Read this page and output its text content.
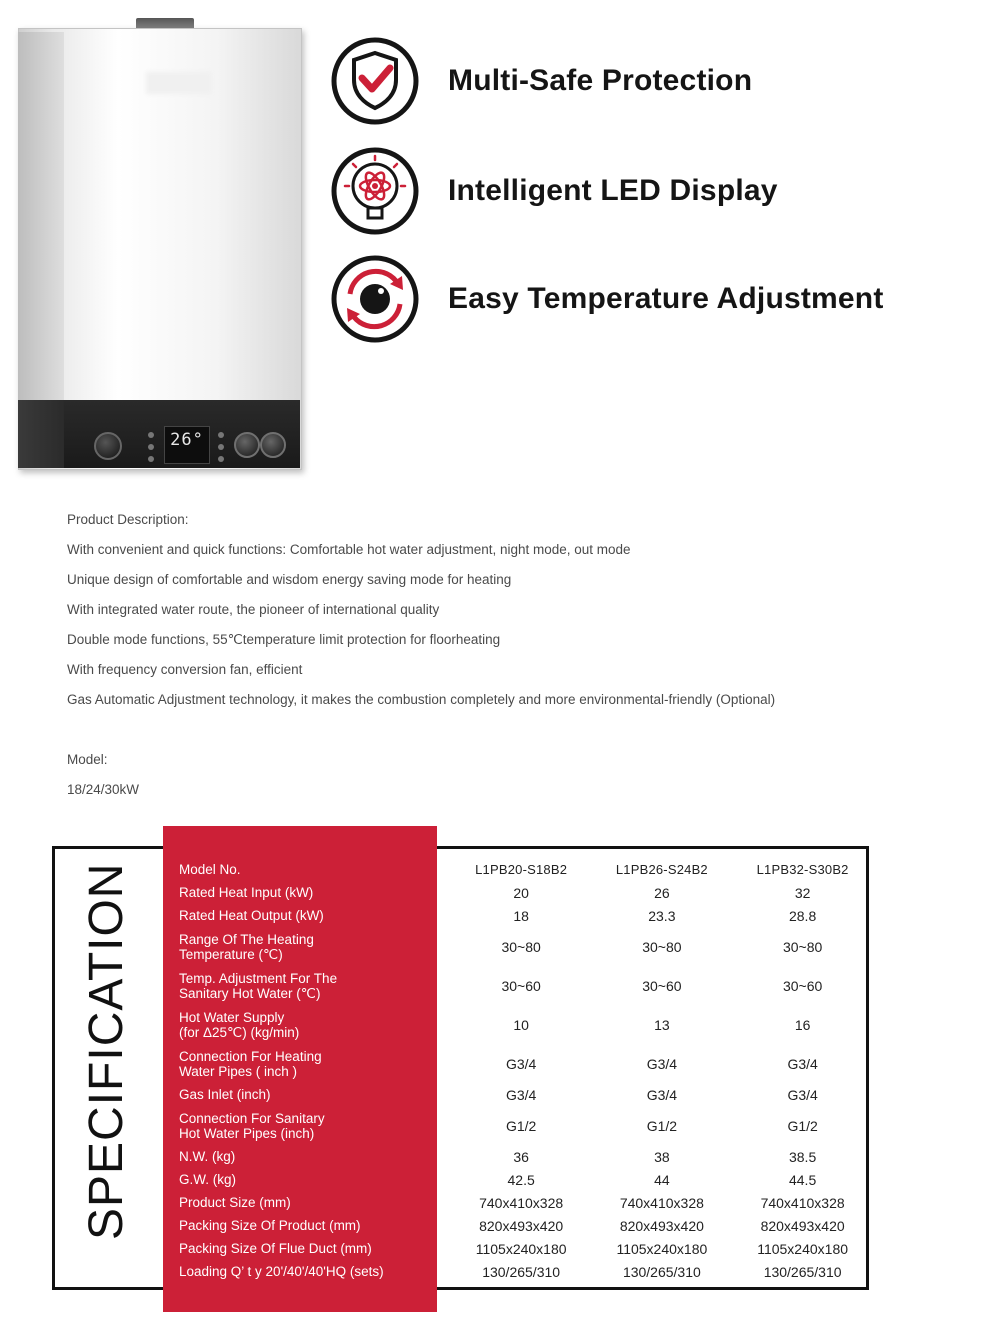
26°
Multi-Safe Protection
Intelligent LED Display
Easy Temperature Adjustment
Product Description:
With convenient and quick functions: Comfortable hot water adjustment, night mode, out mode
Unique design of comfortable and wisdom energy saving mode for heating
With integrated water route, the pioneer of international quality
Double mode functions, 55℃temperature limit protection for floorheating
With frequency conversion fan, efficient
Gas Automatic Adjustment technology, it makes the combustion completely and more environmental-friendly (Optional)
Model:
18/24/30kW
SPECIFICATION	Model No.	L1PB20-S18B2	L1PB26-S24B2	L1PB32-S30B2
Rated Heat Input (kW)	20	26	32
Rated Heat Output (kW)	18	23.3	28.8
Range Of The Heating
Temperature (℃)	30~80	30~80	30~80
Temp. Adjustment For The
Sanitary Hot Water (℃)	30~60	30~60	30~60
Hot Water Supply
(for Δ25℃) (kg/min)	10	13	16
Connection For Heating
Water Pipes ( inch )	G3/4	G3/4	G3/4
Gas Inlet (inch)	G3/4	G3/4	G3/4
Connection For Sanitary
Hot Water Pipes (inch)	G1/2	G1/2	G1/2
N.W. (kg)	36	38	38.5
G.W. (kg)	42.5	44	44.5
Product Size (mm)	740x410x328	740x410x328	740x410x328
Packing Size Of Product (mm)	820x493x420	820x493x420	820x493x420
Packing Size Of Flue Duct (mm)	1105x240x180	1105x240x180	1105x240x180
Loading Q’ t y 20'/40'/40'HQ (sets)	130/265/310	130/265/310	130/265/310
